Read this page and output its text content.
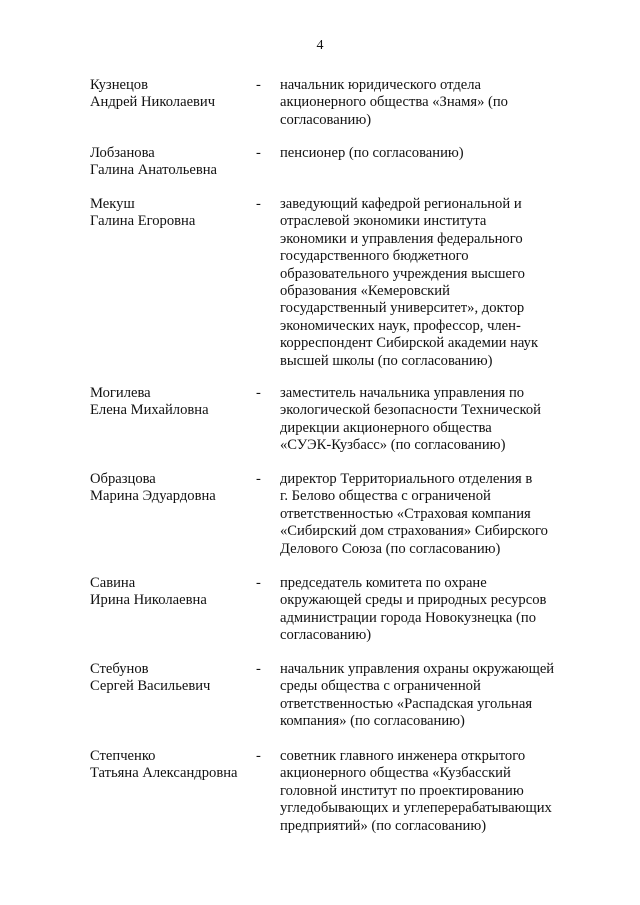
4
Кузнецов
Андрей Николаевич
- начальник юридического отдела
акционерного общества «Знамя» (по
согласованию)
Лобзанова
Галина Анатольевна
- пенсионер (по согласованию)
Мекуш
Галина Егоровна
- заведующий кафедрой региональной и
отраслевой экономики института
экономики и управления федерального
государственного бюджетного
образовательного учреждения высшего
образования «Кемеровский
государственный университет», доктор
экономических наук, профессор, член-
корреспондент Сибирской академии наук
высшей школы (по согласованию)
Могилева
Елена Михайловна
- заместитель начальника управления по
экологической безопасности Технической
дирекции акционерного общества
«СУЭК-Кузбасс» (по согласованию)
Образцова
Марина Эдуардовна
- директор Территориального отделения в
г. Белово общества с ограниченой
ответственностью «Страховая компания
«Сибирский дом страхования» Сибирского
Делового Союза (по согласованию)
Савина
Ирина Николаевна
- председатель комитета по охране
окружающей среды и природных ресурсов
администрации города Новокузнецка (по
согласованию)
Стебунов
Сергей Васильевич
- начальник управления охраны окружающей
среды общества с ограниченной
ответственностью «Распадская угольная
компания» (по согласованию)
Степченко
Татьяна Александровна
- советник главного инженера открытого
акционерного общества «Кузбасский
головной институт по проектированию
угледобывающих и углеперерабатывающих
предприятий» (по согласованию)
